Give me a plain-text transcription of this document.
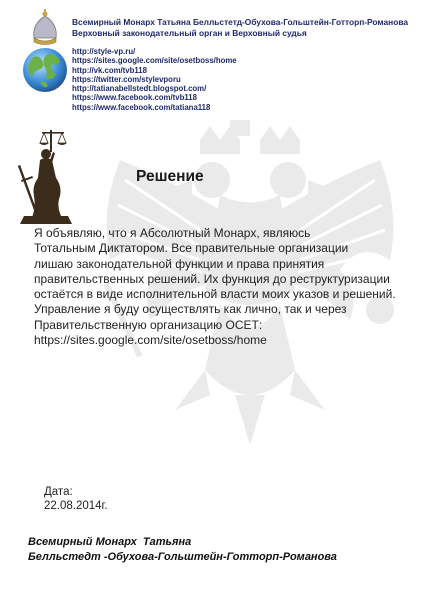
Всемирный Монарх Татьяна Белльстетд-Обухова-Гольштейн-Готторп-Романова
Верховный законодательный орган и Верховный судья
http://style-vp.ru/
https://sites.google.com/site/osetboss/home
http://vk.com/tvb118
https://twitter.com/stylevporu
http://tatianabellstedt.blogspot.com/
https://www.facebook.com/tvb118
https://www.facebook.com/tatiana118
Решение
Я объявляю, что я Абсолютный Монарх, являюсь
Тотальным Диктатором. Все правительные организации
лишаю законодательной функции и права принятия
правительственных решений. Их функция до реструктуризации
остаётся в виде исполнительной власти моих указов и решений.
Управление я буду осуществлять как лично, так и через
Правительственную организацию ОСЕТ:
https://sites.google.com/site/osetboss/home
Дата:
22.08.2014г.
Всемирный Монарх  Татьяна
Белльстедт -Обухова-Гольштейн-Готторп-Романова
